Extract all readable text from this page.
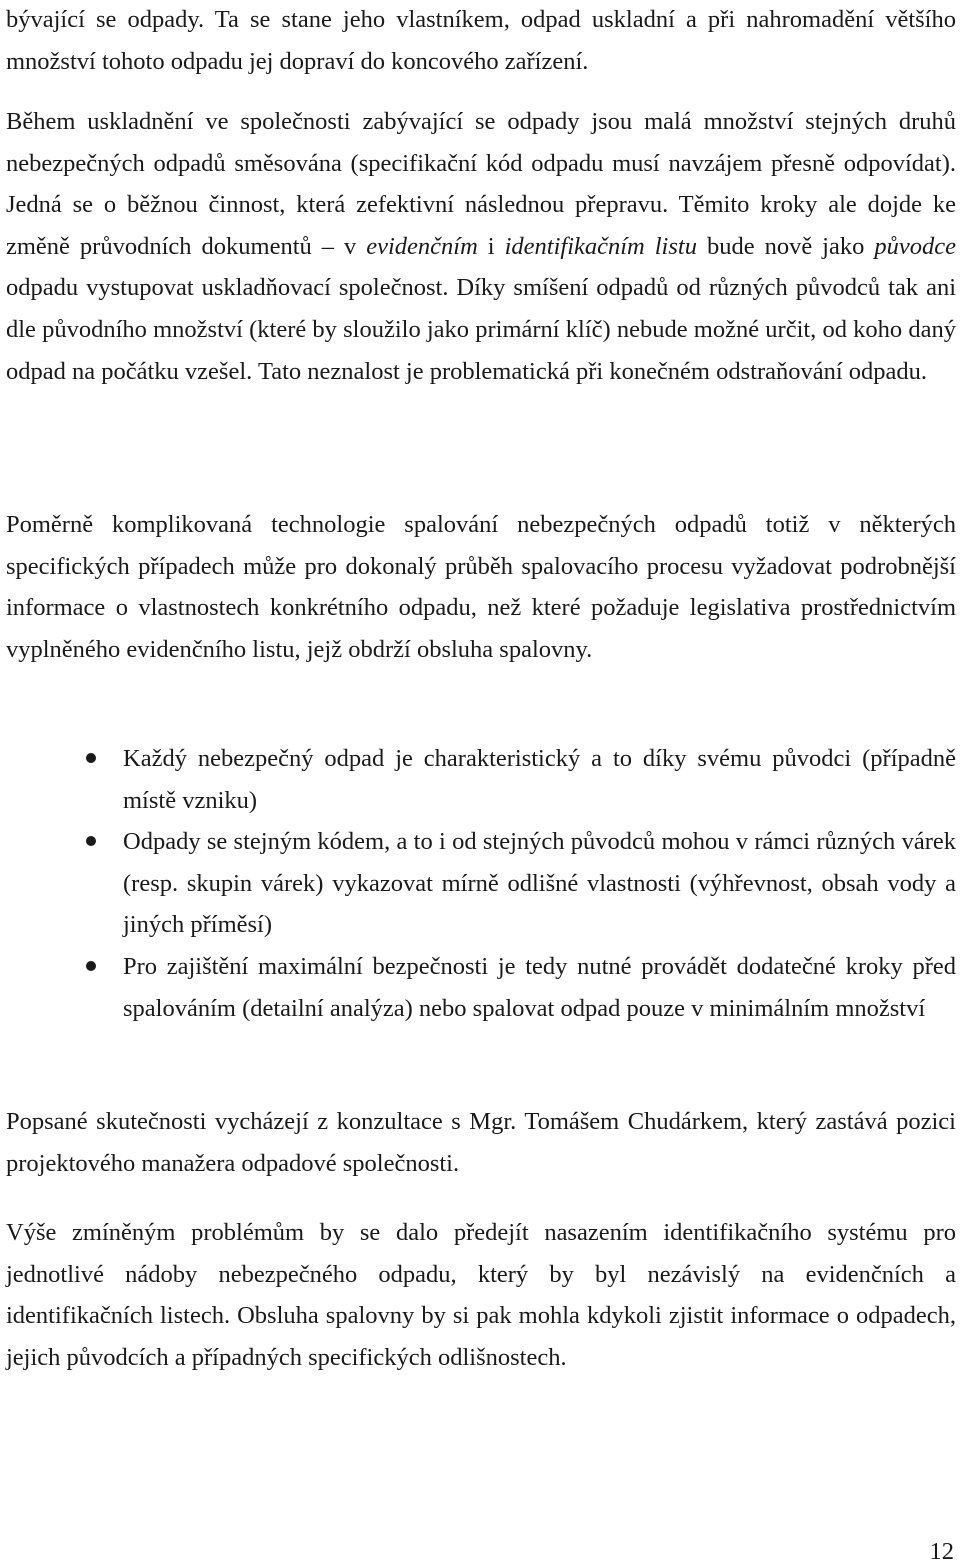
bývající se odpady. Ta se stane jeho vlastníkem, odpad uskladní a při nahromadění většího množství tohoto odpadu jej dopraví do koncového zařízení.

Během uskladnění ve společnosti zabývající se odpady jsou malá množství stejných druhů nebezpečných odpadů směsována (specifikační kód odpadu musí navzájem přesně odpovídat). Jedná se o běžnou činnost, která zefektivní následnou přepravu. Těmito kroky ale dojde ke změně průvodních dokumentů – v evidenčním i identifikačním listu bude nově jako původce odpadu vystupovat uskladňovací společnost. Díky smíšení odpadů od různých původců tak ani dle původního množství (které by sloužilo jako primární klíč) nebude možné určit, od koho daný odpad na počátku vzešel. Tato neznalost je problematická při konečném odstraňování odpadu.

Poměrně komplikovaná technologie spalování nebezpečných odpadů totiž v některých specifických případech může pro dokonalý průběh spalovacího procesu vyžadovat podrobnější informace o vlastnostech konkrétního odpadu, než které požaduje legislativa prostřednictvím vyplněného evidenčního listu, jejž obdrží obsluha spalovny.

Každý nebezpečný odpad je charakteristický a to díky svému původci (případně místě vzniku)
Odpady se stejným kódem, a to i od stejných původců mohou v rámci různých várek (resp. skupin várek) vykazovat mírně odlišné vlastnosti (výhřevnost, obsah vody a jiných příměsí)
Pro zajištění maximální bezpečnosti je tedy nutné provádět dodatečné kroky před spalováním (detailní analýza) nebo spalovat odpad pouze v minimálním množství

Popsané skutečnosti vycházejí z konzultace s Mgr. Tomášem Chudárkem, který zastává pozici projektového manažera odpadové společnosti.

Výše zmíněným problémům by se dalo předejít nasazením identifikačního systému pro jednotlivé nádoby nebezpečného odpadu, který by byl nezávislý na evidenčních a identifikačních listech. Obsluha spalovny by si pak mohla kdykoli zjistit informace o odpadech, jejich původcích a případných specifických odlišnostech.

12
